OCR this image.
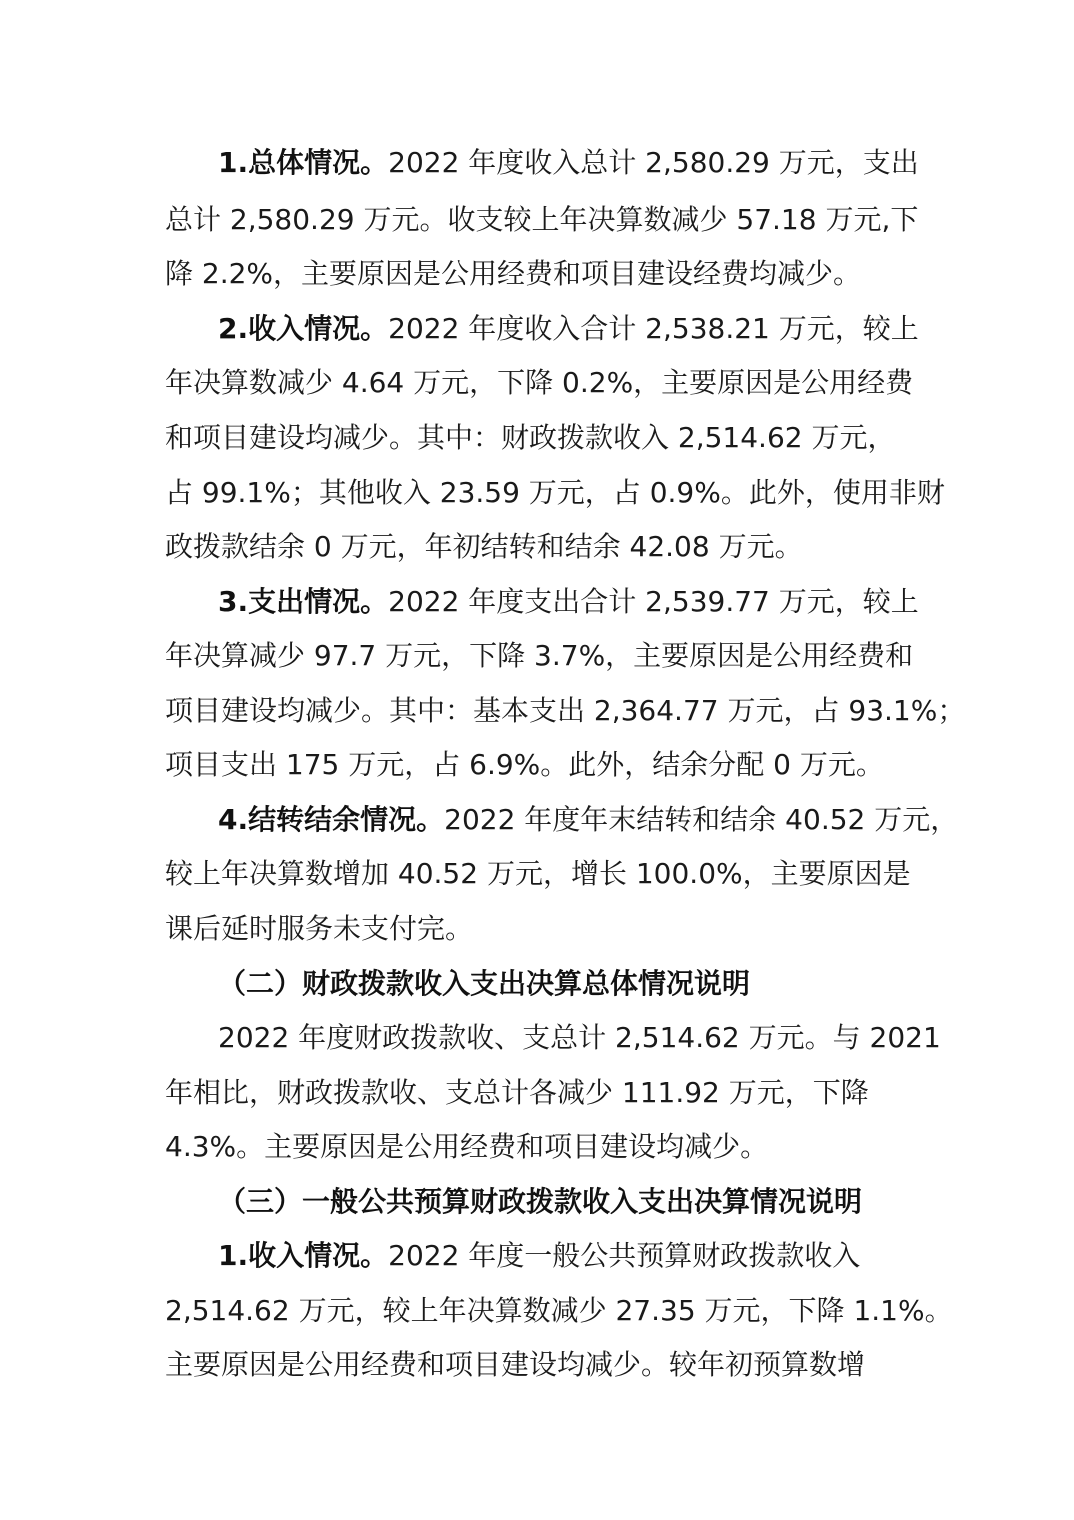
1.总体情况。2022 年度收入总计 2,580.29 万元，支出
总计 2,580.29 万元。收支较上年决算数减少 57.18 万元,下
降 2.2%，主要原因是公用经费和项目建设经费均减少。
2.收入情况。2022 年度收入合计 2,538.21 万元，较上
年决算数减少 4.64 万元，下降 0.2%，主要原因是公用经费
和项目建设均减少。其中：财政拨款收入 2,514.62 万元，
占 99.1%；其他收入 23.59 万元，占 0.9%。此外，使用非财
政拨款结余 0 万元，年初结转和结余 42.08 万元。
3.支出情况。2022 年度支出合计 2,539.77 万元，较上
年决算减少 97.7 万元，下降 3.7%，主要原因是公用经费和
项目建设均减少。其中：基本支出 2,364.77 万元，占 93.1%；
项目支出 175 万元，占 6.9%。此外，结余分配 0 万元。
4.结转结余情况。2022 年度年末结转和结余 40.52 万元，
较上年决算数增加 40.52 万元，增长 100.0%，主要原因是
课后延时服务未支付完。
（二）财政拨款收入支出决算总体情况说明
2022 年度财政拨款收、支总计 2,514.62 万元。与 2021
年相比，财政拨款收、支总计各减少 111.92 万元，下降
4.3%。主要原因是公用经费和项目建设均减少。
（三）一般公共预算财政拨款收入支出决算情况说明
1.收入情况。2022 年度一般公共预算财政拨款收入
2,514.62 万元，较上年决算数减少 27.35 万元，下降 1.1%。
主要原因是公用经费和项目建设均减少。较年初预算数增
